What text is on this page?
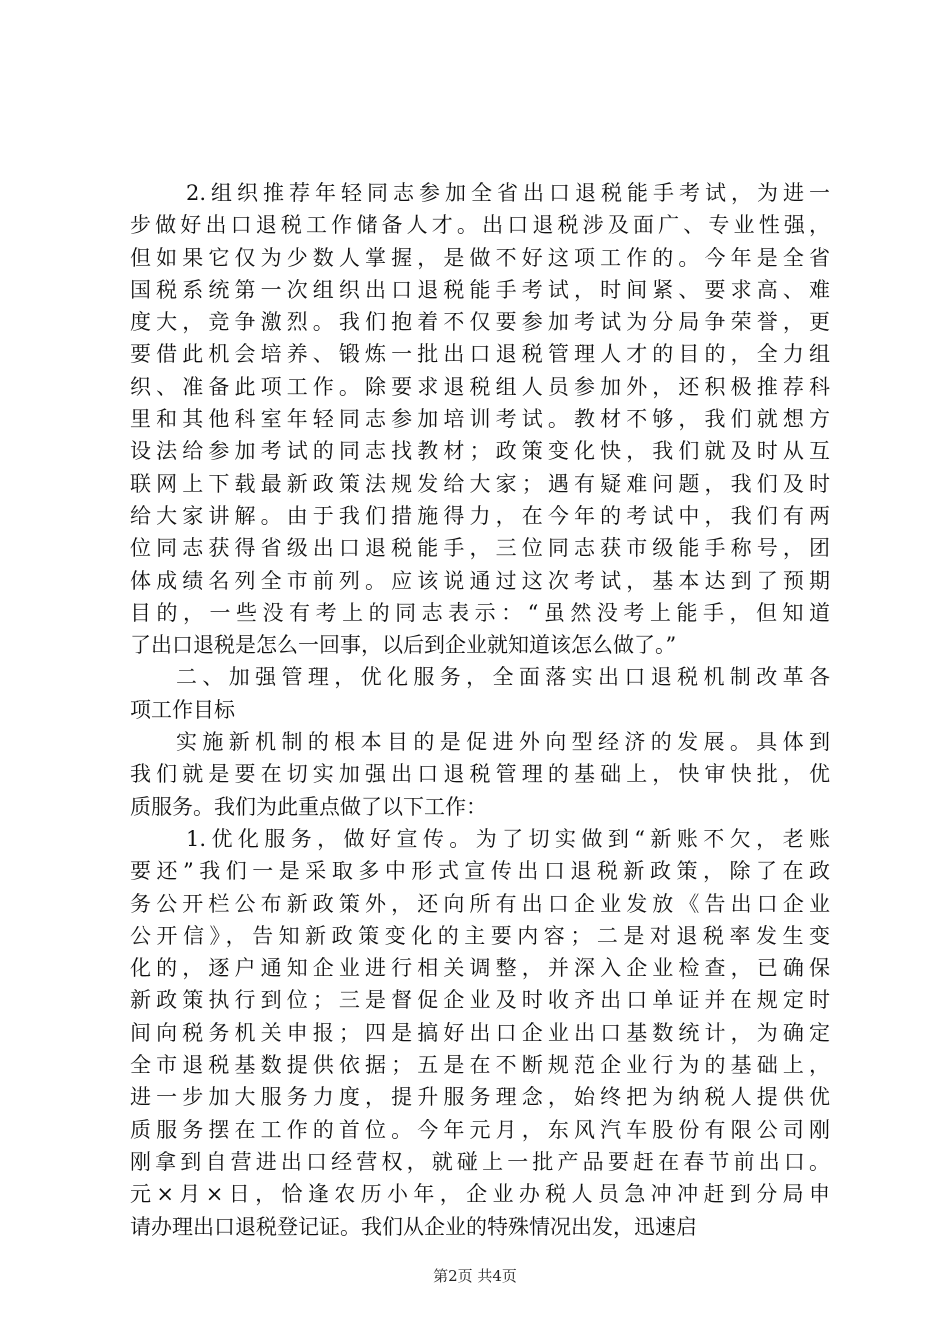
2.组织推荐年轻同志参加全省出口退税能手考试，为进一
步做好出口退税工作储备人才。出口退税涉及面广、专业性强，
但如果它仅为少数人掌握，是做不好这项工作的。今年是全省
国税系统第一次组织出口退税能手考试，时间紧、要求高、难
度大，竞争激烈。我们抱着不仅要参加考试为分局争荣誉，更
要借此机会培养、锻炼一批出口退税管理人才的目的，全力组
织、准备此项工作。除要求退税组人员参加外，还积极推荐科
里和其他科室年轻同志参加培训考试。教材不够，我们就想方
设法给参加考试的同志找教材；政策变化快，我们就及时从互
联网上下载最新政策法规发给大家；遇有疑难问题，我们及时
给大家讲解。由于我们措施得力，在今年的考试中，我们有两
位同志获得省级出口退税能手，三位同志获市级能手称号，团
体成绩名列全市前列。应该说通过这次考试，基本达到了预期
目的，一些没有考上的同志表示：“虽然没考上能手，但知道
了出口退税是怎么一回事，以后到企业就知道该怎么做了。”
二、加强管理，优化服务，全面落实出口退税机制改革各
项工作目标
实施新机制的根本目的是促进外向型经济的发展。具体到
我们就是要在切实加强出口退税管理的基础上，快审快批，优
质服务。我们为此重点做了以下工作：
1.优化服务，做好宣传。为了切实做到“新账不欠，老账
要还”我们一是采取多中形式宣传出口退税新政策，除了在政
务公开栏公布新政策外，还向所有出口企业发放《告出口企业
公开信》，告知新政策变化的主要内容；二是对退税率发生变
化的，逐户通知企业进行相关调整，并深入企业检查，已确保
新政策执行到位；三是督促企业及时收齐出口单证并在规定时
间向税务机关申报；四是搞好出口企业出口基数统计，为确定
全市退税基数提供依据；五是在不断规范企业行为的基础上，
进一步加大服务力度，提升服务理念，始终把为纳税人提供优
质服务摆在工作的首位。今年元月，东风汽车股份有限公司刚
刚拿到自营进出口经营权，就碰上一批产品要赶在春节前出口。
元×月×日，恰逢农历小年，企业办税人员急冲冲赶到分局申
请办理出口退税登记证。我们从企业的特殊情况出发，迅速启
第2页 共4页
